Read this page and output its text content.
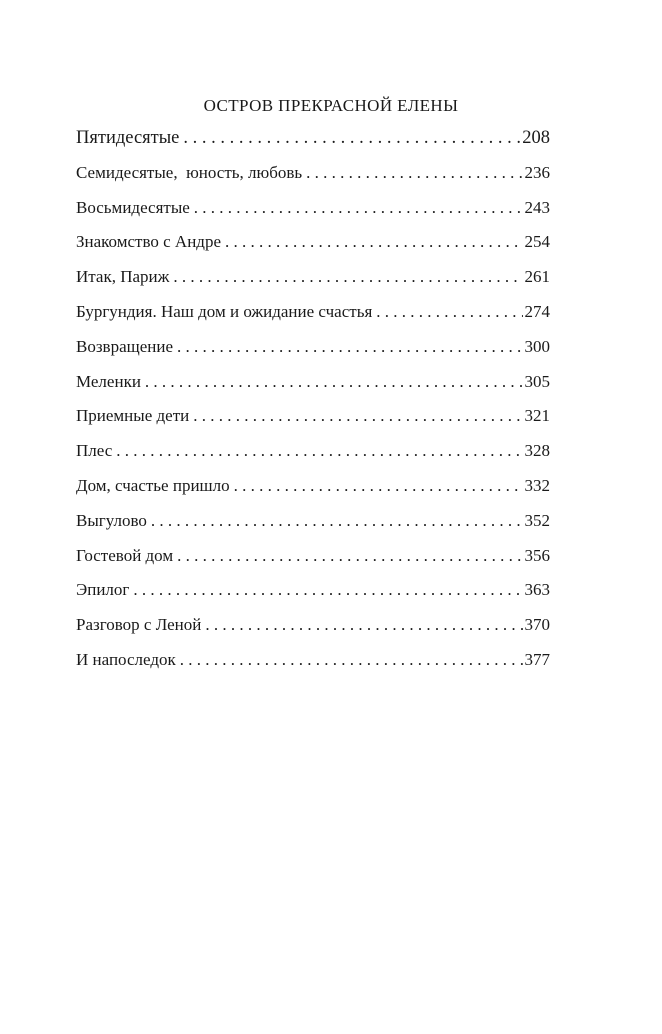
ОСТРОВ ПРЕКРАСНОЙ ЕЛЕНЫ
Пятидесятые . . .	208
Семидесятые,  юность, любовь . . .	236
Восьмидесятые . . .	243
Знакомство с Андре . . .	254
Итак, Париж . . .	261
Бургундия. Наш дом и ожидание счастья . . .	274
Возвращение . . .	300
Меленки . . .	305
Приемные дети . . .	321
Плес . . .	328
Дом, счастье пришло . . .	332
Выгулово . . .	352
Гостевой дом . . .	356
Эпилог . . .	363
Разговор с Леной . . .	370
И напоследок . . .	377
